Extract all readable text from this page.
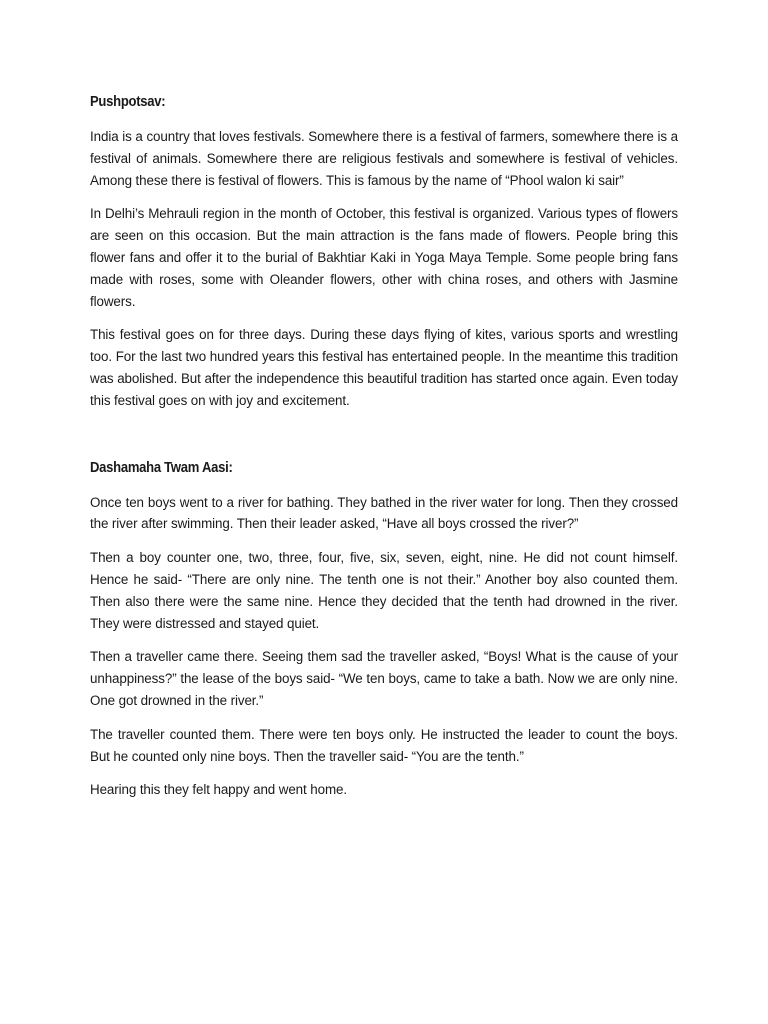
Pushpotsav:

India is a country that loves festivals. Somewhere there is a festival of farmers, somewhere there is a festival of animals. Somewhere there are religious festivals and somewhere is festival of vehicles. Among these there is festival of flowers. This is famous by the name of “Phool walon ki sair”

In Delhi’s Mehrauli region in the month of October, this festival is organized. Various types of flowers are seen on this occasion. But the main attraction is the fans made of flowers. People bring this flower fans and offer it to the burial of Bakhtiar Kaki in Yoga Maya Temple. Some people bring fans made with roses, some with Oleander flowers, other with china roses, and others with Jasmine flowers.

This festival goes on for three days. During these days flying of kites, various sports and wrestling too. For the last two hundred years this festival has entertained people. In the meantime this tradition was abolished. But after the independence this beautiful tradition has started once again. Even today this festival goes on with joy and excitement.

Dashamaha Twam Aasi:

Once ten boys went to a river for bathing. They bathed in the river water for long. Then they crossed the river after swimming. Then their leader asked, “Have all boys crossed the river?”

Then a boy counter one, two, three, four, five, six, seven, eight, nine. He did not count himself. Hence he said- “There are only nine. The tenth one is not their.” Another boy also counted them. Then also there were the same nine. Hence they decided that the tenth had drowned in the river. They were distressed and stayed quiet.

Then a traveller came there. Seeing them sad the traveller asked, “Boys! What is the cause of your unhappiness?” the lease of the boys said- “We ten boys, came to take a bath. Now we are only nine. One got drowned in the river.”

The traveller counted them. There were ten boys only. He instructed the leader to count the boys. But he counted only nine boys. Then the traveller said- “You are the tenth.”

Hearing this they felt happy and went home.
